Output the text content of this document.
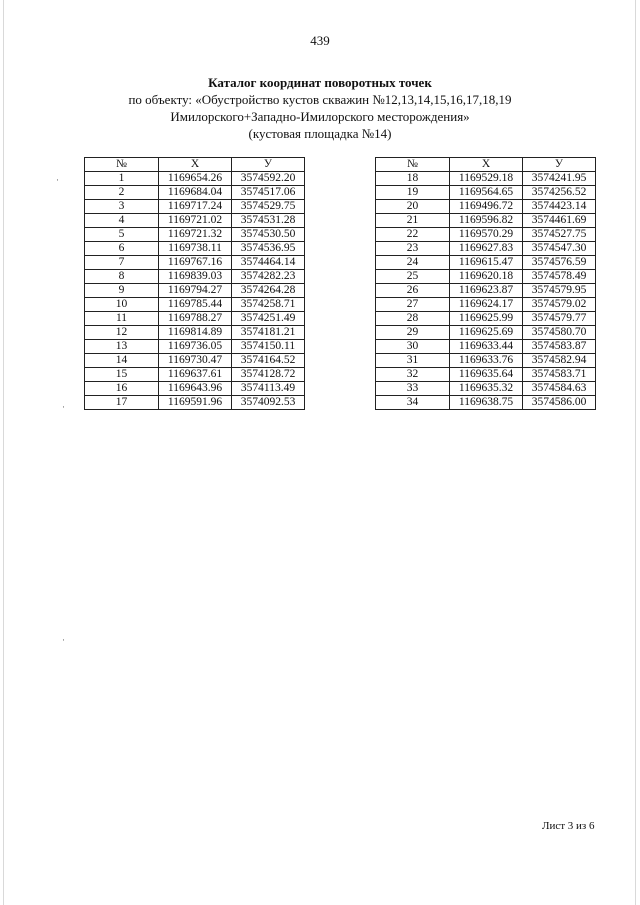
·
·
·
439
Каталог координат поворотных точек
по объекту: «Обустройство кустов скважин №12,13,14,15,16,17,18,19
Имилорского+Западно-Имилорского месторождения»
(кустовая площадка №14)
№	X	У
1	1169654.26	3574592.20
2	1169684.04	3574517.06
3	1169717.24	3574529.75
4	1169721.02	3574531.28
5	1169721.32	3574530.50
6	1169738.11	3574536.95
7	1169767.16	3574464.14
8	1169839.03	3574282.23
9	1169794.27	3574264.28
10	1169785.44	3574258.71
11	1169788.27	3574251.49
12	1169814.89	3574181.21
13	1169736.05	3574150.11
14	1169730.47	3574164.52
15	1169637.61	3574128.72
16	1169643.96	3574113.49
17	1169591.96	3574092.53
№	X	У
18	1169529.18	3574241.95
19	1169564.65	3574256.52
20	1169496.72	3574423.14
21	1169596.82	3574461.69
22	1169570.29	3574527.75
23	1169627.83	3574547.30
24	1169615.47	3574576.59
25	1169620.18	3574578.49
26	1169623.87	3574579.95
27	1169624.17	3574579.02
28	1169625.99	3574579.77
29	1169625.69	3574580.70
30	1169633.44	3574583.87
31	1169633.76	3574582.94
32	1169635.64	3574583.71
33	1169635.32	3574584.63
34	1169638.75	3574586.00
Лист 3 из 6
